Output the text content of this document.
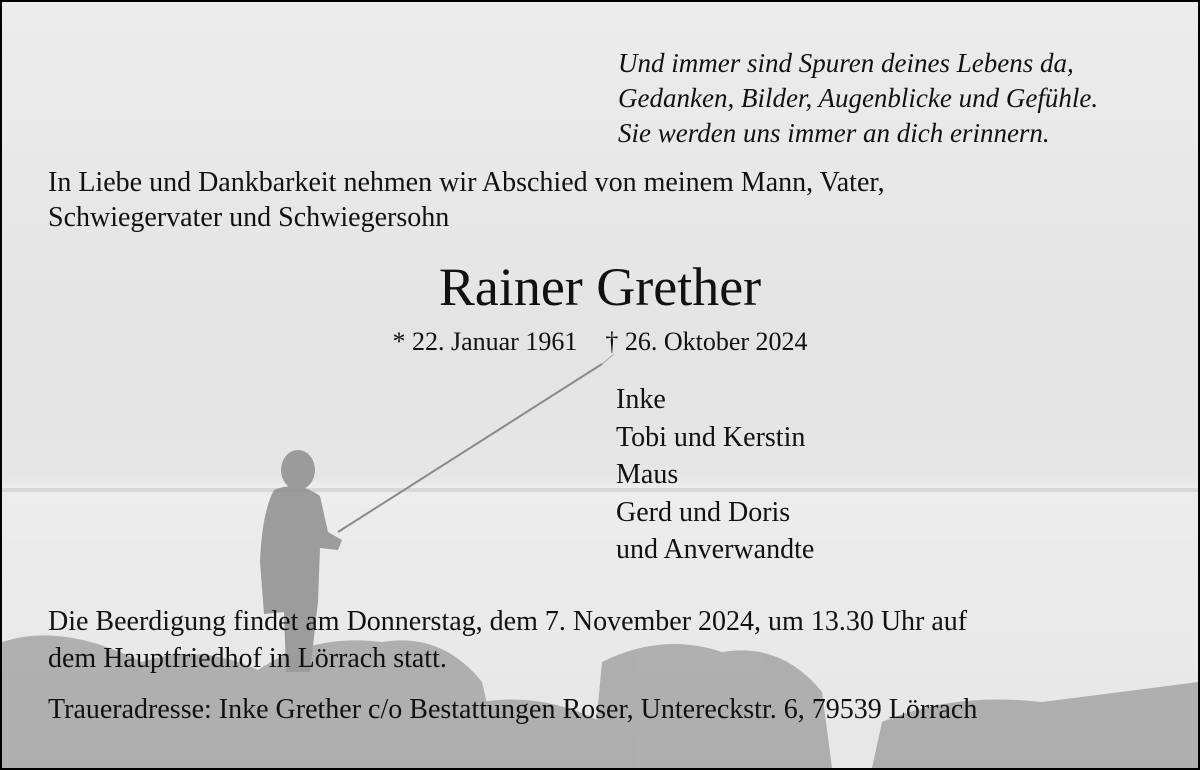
Und immer sind Spuren deines Lebens da,
Gedanken, Bilder, Augenblicke und Gefühle.
Sie werden uns immer an dich erinnern.
In Liebe und Dankbarkeit nehmen wir Abschied von meinem Mann, Vater,
Schwiegervater und Schwiegersohn
Rainer Grether
* 22. Januar 1961 † 26. Oktober 2024
Inke
Tobi und Kerstin
Maus
Gerd und Doris
und Anverwandte
Die Beerdigung findet am Donnerstag, dem 7. November 2024, um 13.30 Uhr auf
dem Hauptfriedhof in Lörrach statt.
Traueradresse: Inke Grether c/o Bestattungen Roser, Untereckstr. 6, 79539 Lörrach
